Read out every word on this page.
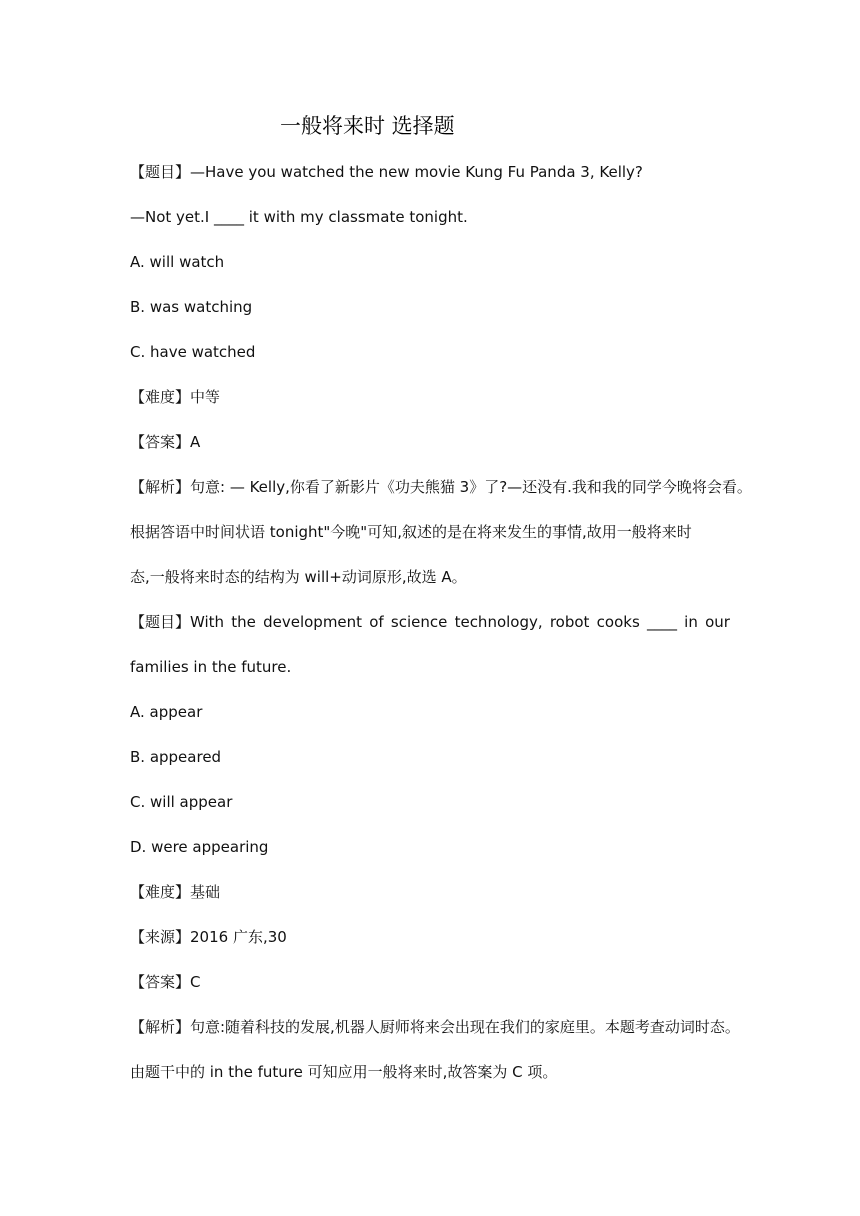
一般将来时 选择题
【题目】—Have you watched the new movie Kung Fu Panda 3, Kelly?
—Not yet.I ____ it with my classmate tonight.
A. will watch
B. was watching
C. have watched
【难度】中等
【答案】A
【解析】句意: — Kelly,你看了新影片《功夫熊猫 3》了?—还没有.我和我的同学今晚将会看。
根据答语中时间状语 tonight"今晚"可知,叙述的是在将来发生的事情,故用一般将来时
态,一般将来时态的结构为 will+动词原形,故选 A。
【题目】With the development of science technology, robot cooks ____ in our
families in the future.
A. appear
B. appeared
C. will appear
D. were appearing
【难度】基础
【来源】2016 广东,30
【答案】C
【解析】句意:随着科技的发展,机器人厨师将来会出现在我们的家庭里。本题考查动词时态。
由题干中的 in the future 可知应用一般将来时,故答案为 C 项。
